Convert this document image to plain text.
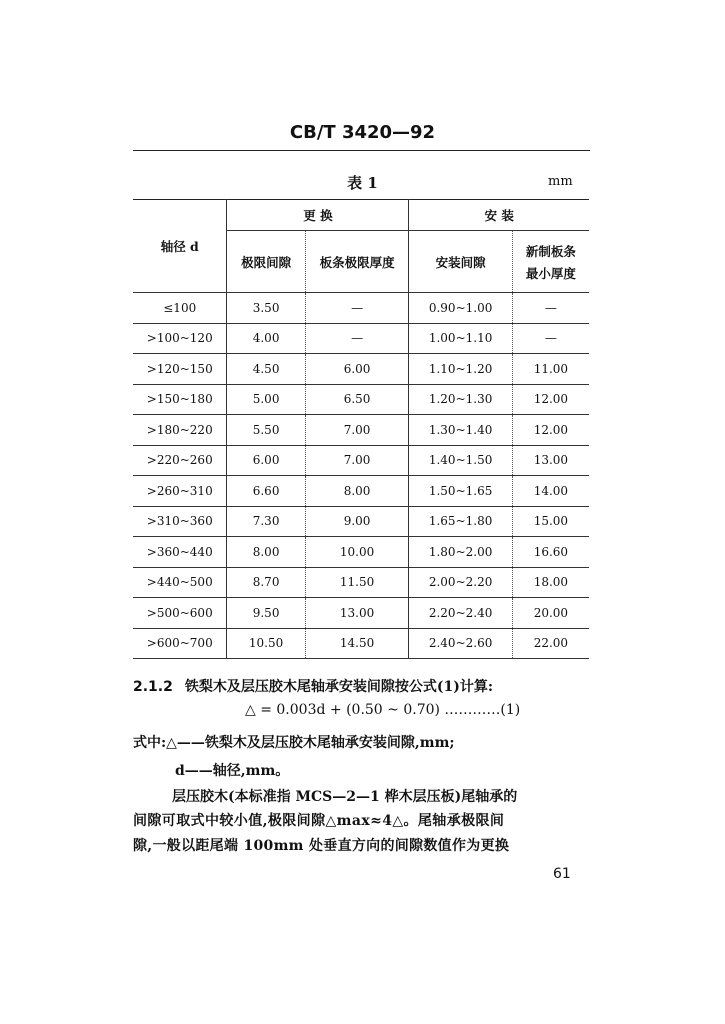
CB/T 3420—92
表 1	mm
轴径 d	更 换		安 装	
	极限间隙	板条极限厚度	安装间隙	新制板条
最小厚度

≤100	3.50	—	0.90~1.00	—
>100~120	4.00	—	1.00~1.10	—
>120~150	4.50	6.00	1.10~1.20	11.00
>150~180	5.00	6.50	1.20~1.30	12.00
>180~220	5.50	7.00	1.30~1.40	12.00
>220~260	6.00	7.00	1.40~1.50	13.00
>260~310	6.60	8.00	1.50~1.65	14.00
>310~360	7.30	9.00	1.65~1.80	15.00
>360~440	8.00	10.00	1.80~2.00	16.60
>440~500	8.70	11.50	2.00~2.20	18.00
>500~600	9.50	13.00	2.20~2.40	20.00
>600~700	10.50	14.50	2.40~2.60	22.00
2.1.2 铁梨木及层压胶木尾轴承安装间隙按公式(1)计算:
△ = 0.003d + (0.50 ~ 0.70) …………(1)
式中:△——铁梨木及层压胶木尾轴承安装间隙,mm;
d——轴径,mm。
层压胶木(本标准指 MCS—2—1 桦木层压板)尾轴承的
间隙可取式中较小值,极限间隙△max≈4△。尾轴承极限间
隙,一般以距尾端 100mm 处垂直方向的间隙数值作为更换
61
